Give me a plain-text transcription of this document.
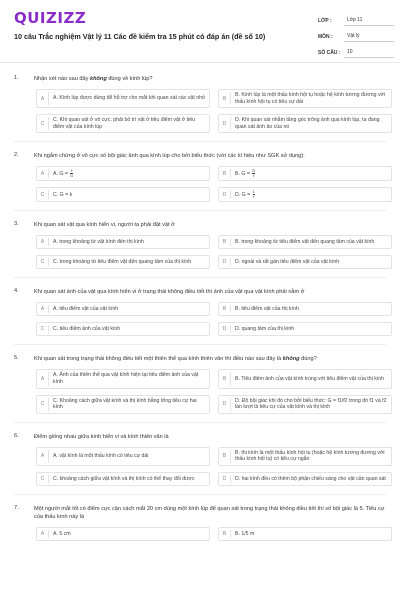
QUIZIZZ
10 câu Trắc nghiệm Vật lý 11 Các đề kiểm tra 15 phút có đáp án (đề số 10)
LỚP :	Lớp 11
MÔN :	Vật lý
SỐ CÂU :	10
1.	Nhận xét nào sau đây không đúng về kính lúp?
A	A. Kính lúp được dùng để hỗ trợ cho mắt khi quan sát các vật nhỏ	B
B. Kính lúp là một thấu kính hội tụ hoặc hệ kính tương đương với thấu kính hội tụ có tiêu cự dài
C
C. Khi quan sát ở vô cực, phải bố trí vật ở tiêu điểm vật ở tiêu điểm vật của kính lúp	D
D. Khi quan sát nhằm tăng góc trông ảnh qua kính lúp, ta đang quan sát ảnh ảo của nó
2.	Khi ngắm chừng ở vô cực số bội giác ảnh qua kính lúp cho bởi biểu thức (với các kí hiệu như SGK sử dụng):
A	A. $G = \frac{f}{D}$	B	B. $G = \frac{D}{f}$
C	C. G = k	D	D. $G = \frac{1}{f}$
3.	Khi quan sát vật qua kính hiển vi, người ta phải đặt vật ở
A	A. trong khoảng từ vật kính đến thị kính	B	B. trong khoảng từ tiêu điểm vật đến quang tâm của vật kính
C	C. trong khoảng từ tiêu điểm vật đến quang tâm của thị kính	D	D. ngoài và rất gần tiêu điểm vật của vật kính
4.	Khi quan sát ảnh của vật qua kính hiển vi ở trạng thái không điều tiết thì ảnh của vật qua vật kính phải nằm ở
A	A. tiêu điểm vật của vật kính	B	B. tiêu điểm vật của thị kính
C	C. tiêu điểm ảnh của vật kính	D	D. quang tâm của thị kính
5.	Khi quan sát trong trạng thái không điều tiết một thiên thể qua kính thiên văn thì điều nào sau đây là không đúng?
A
A. Ảnh của thiên thể qua vật kính hiện tại tiêu điểm ảnh của vật kính	B	B. Tiêu điểm ảnh của vật kính trùng với tiêu điểm vật của thị kính
C
C. Khoảng cách giữa vật kính và thị kính bằng tổng tiêu cự hai kính	D
D. Độ bội giác khi đó cho bởi biểu thức: G = f1/f2 trong đó f1 và f2 lần lượt là tiêu cự của vật kính và thị kính
6.	Điểm giống nhau giữa kính hiển vi và kính thiên văn là
A	A. vật kính là một thấu kính có tiêu cự dài	B
B. thị kính là một thấu kính hội tụ (hoặc hệ kính tương đương với thấu kính hội tụ) có tiêu cự ngắn
C	C. khoảng cách giữa vật kính và thị kính có thể thay đổi được	D	D. hai kính đều có thêm bộ phận chiếu sáng cho vật cần quan sát
7.	Một người mắt tốt có điểm cực cận cách mắt 20 cm dùng một kính lúp để quan sát trong trạng thái không điều tiết thì số bội giác là 5. Tiêu cự của thấu kính này là
A	A. 5 cm	B	B. 1/5 m
